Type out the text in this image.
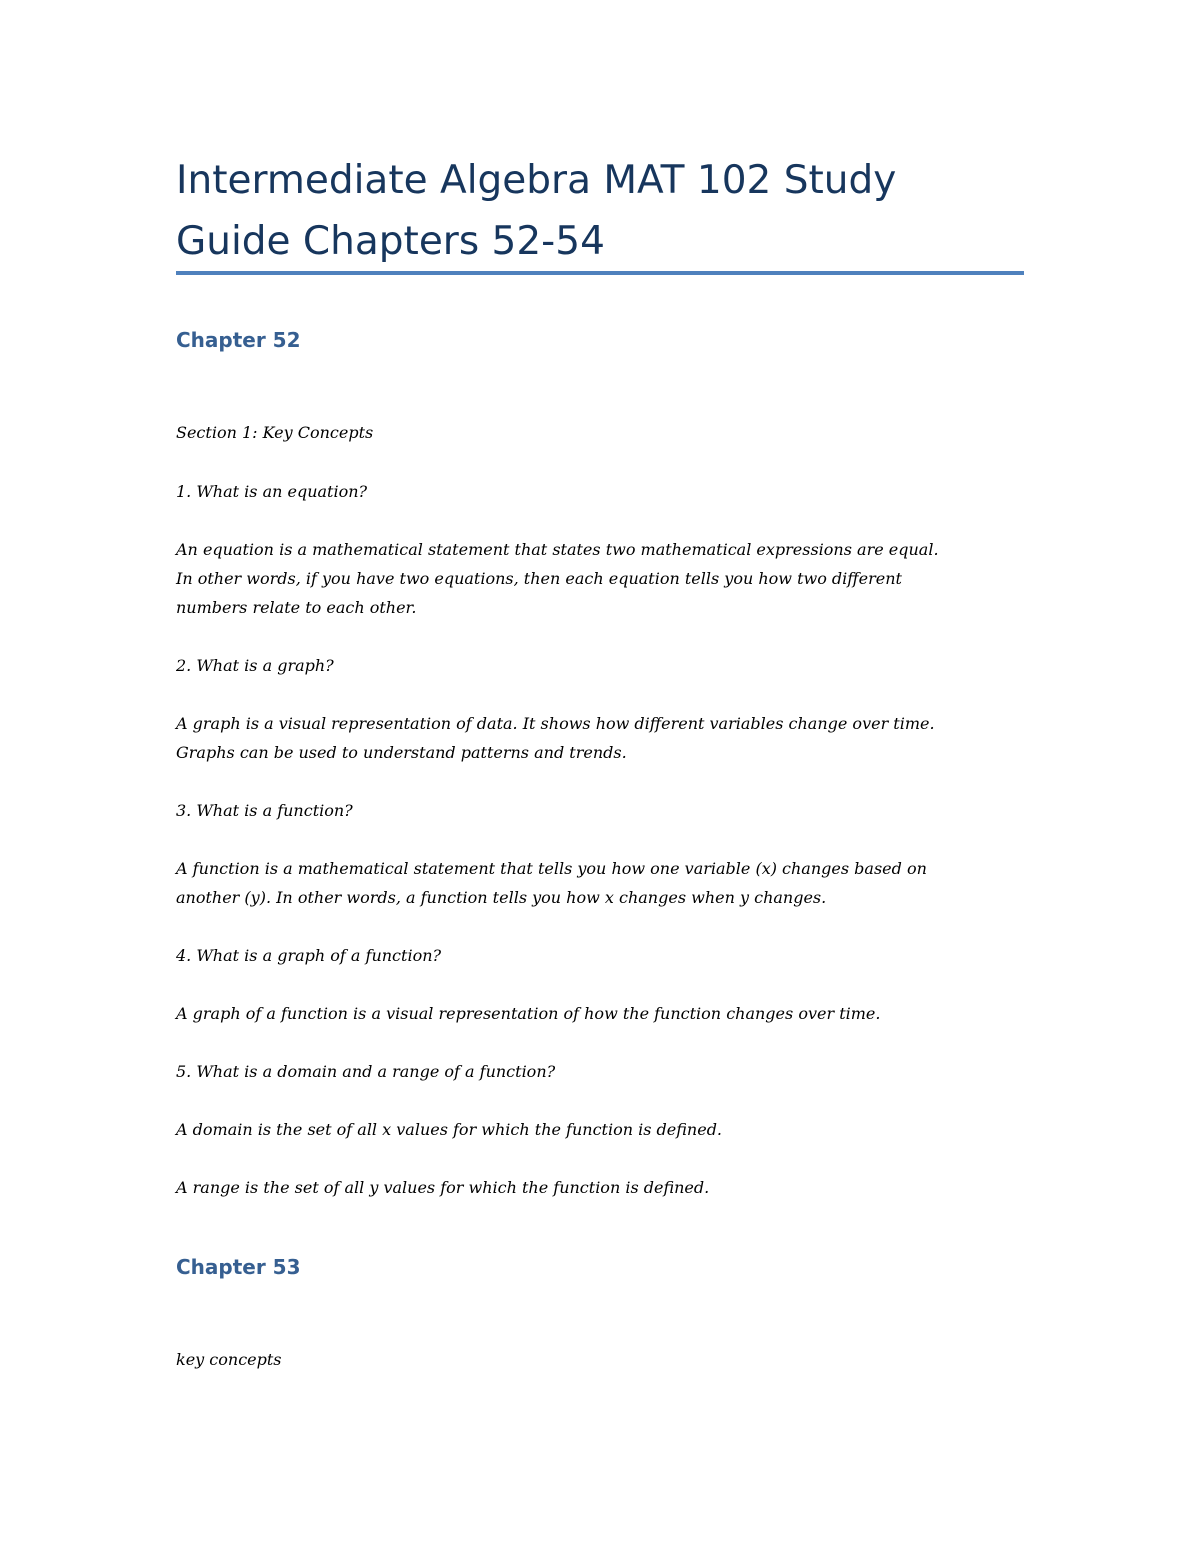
Intermediate Algebra MAT 102 Study
Guide Chapters 52-54
Chapter 52

Section 1: Key Concepts

1. What is an equation?

An equation is a mathematical statement that states two mathematical expressions are equal.

In other words, if you have two equations, then each equation tells you how two different

numbers relate to each other.

2. What is a graph?

A graph is a visual representation of data. It shows how different variables change over time.

Graphs can be used to understand patterns and trends.

3. What is a function?

A function is a mathematical statement that tells you how one variable (x) changes based on

another (y). In other words, a function tells you how x changes when y changes.

4. What is a graph of a function?

A graph of a function is a visual representation of how the function changes over time.

5. What is a domain and a range of a function?

A domain is the set of all x values for which the function is defined.

A range is the set of all y values for which the function is defined.

Chapter 53

key concepts
